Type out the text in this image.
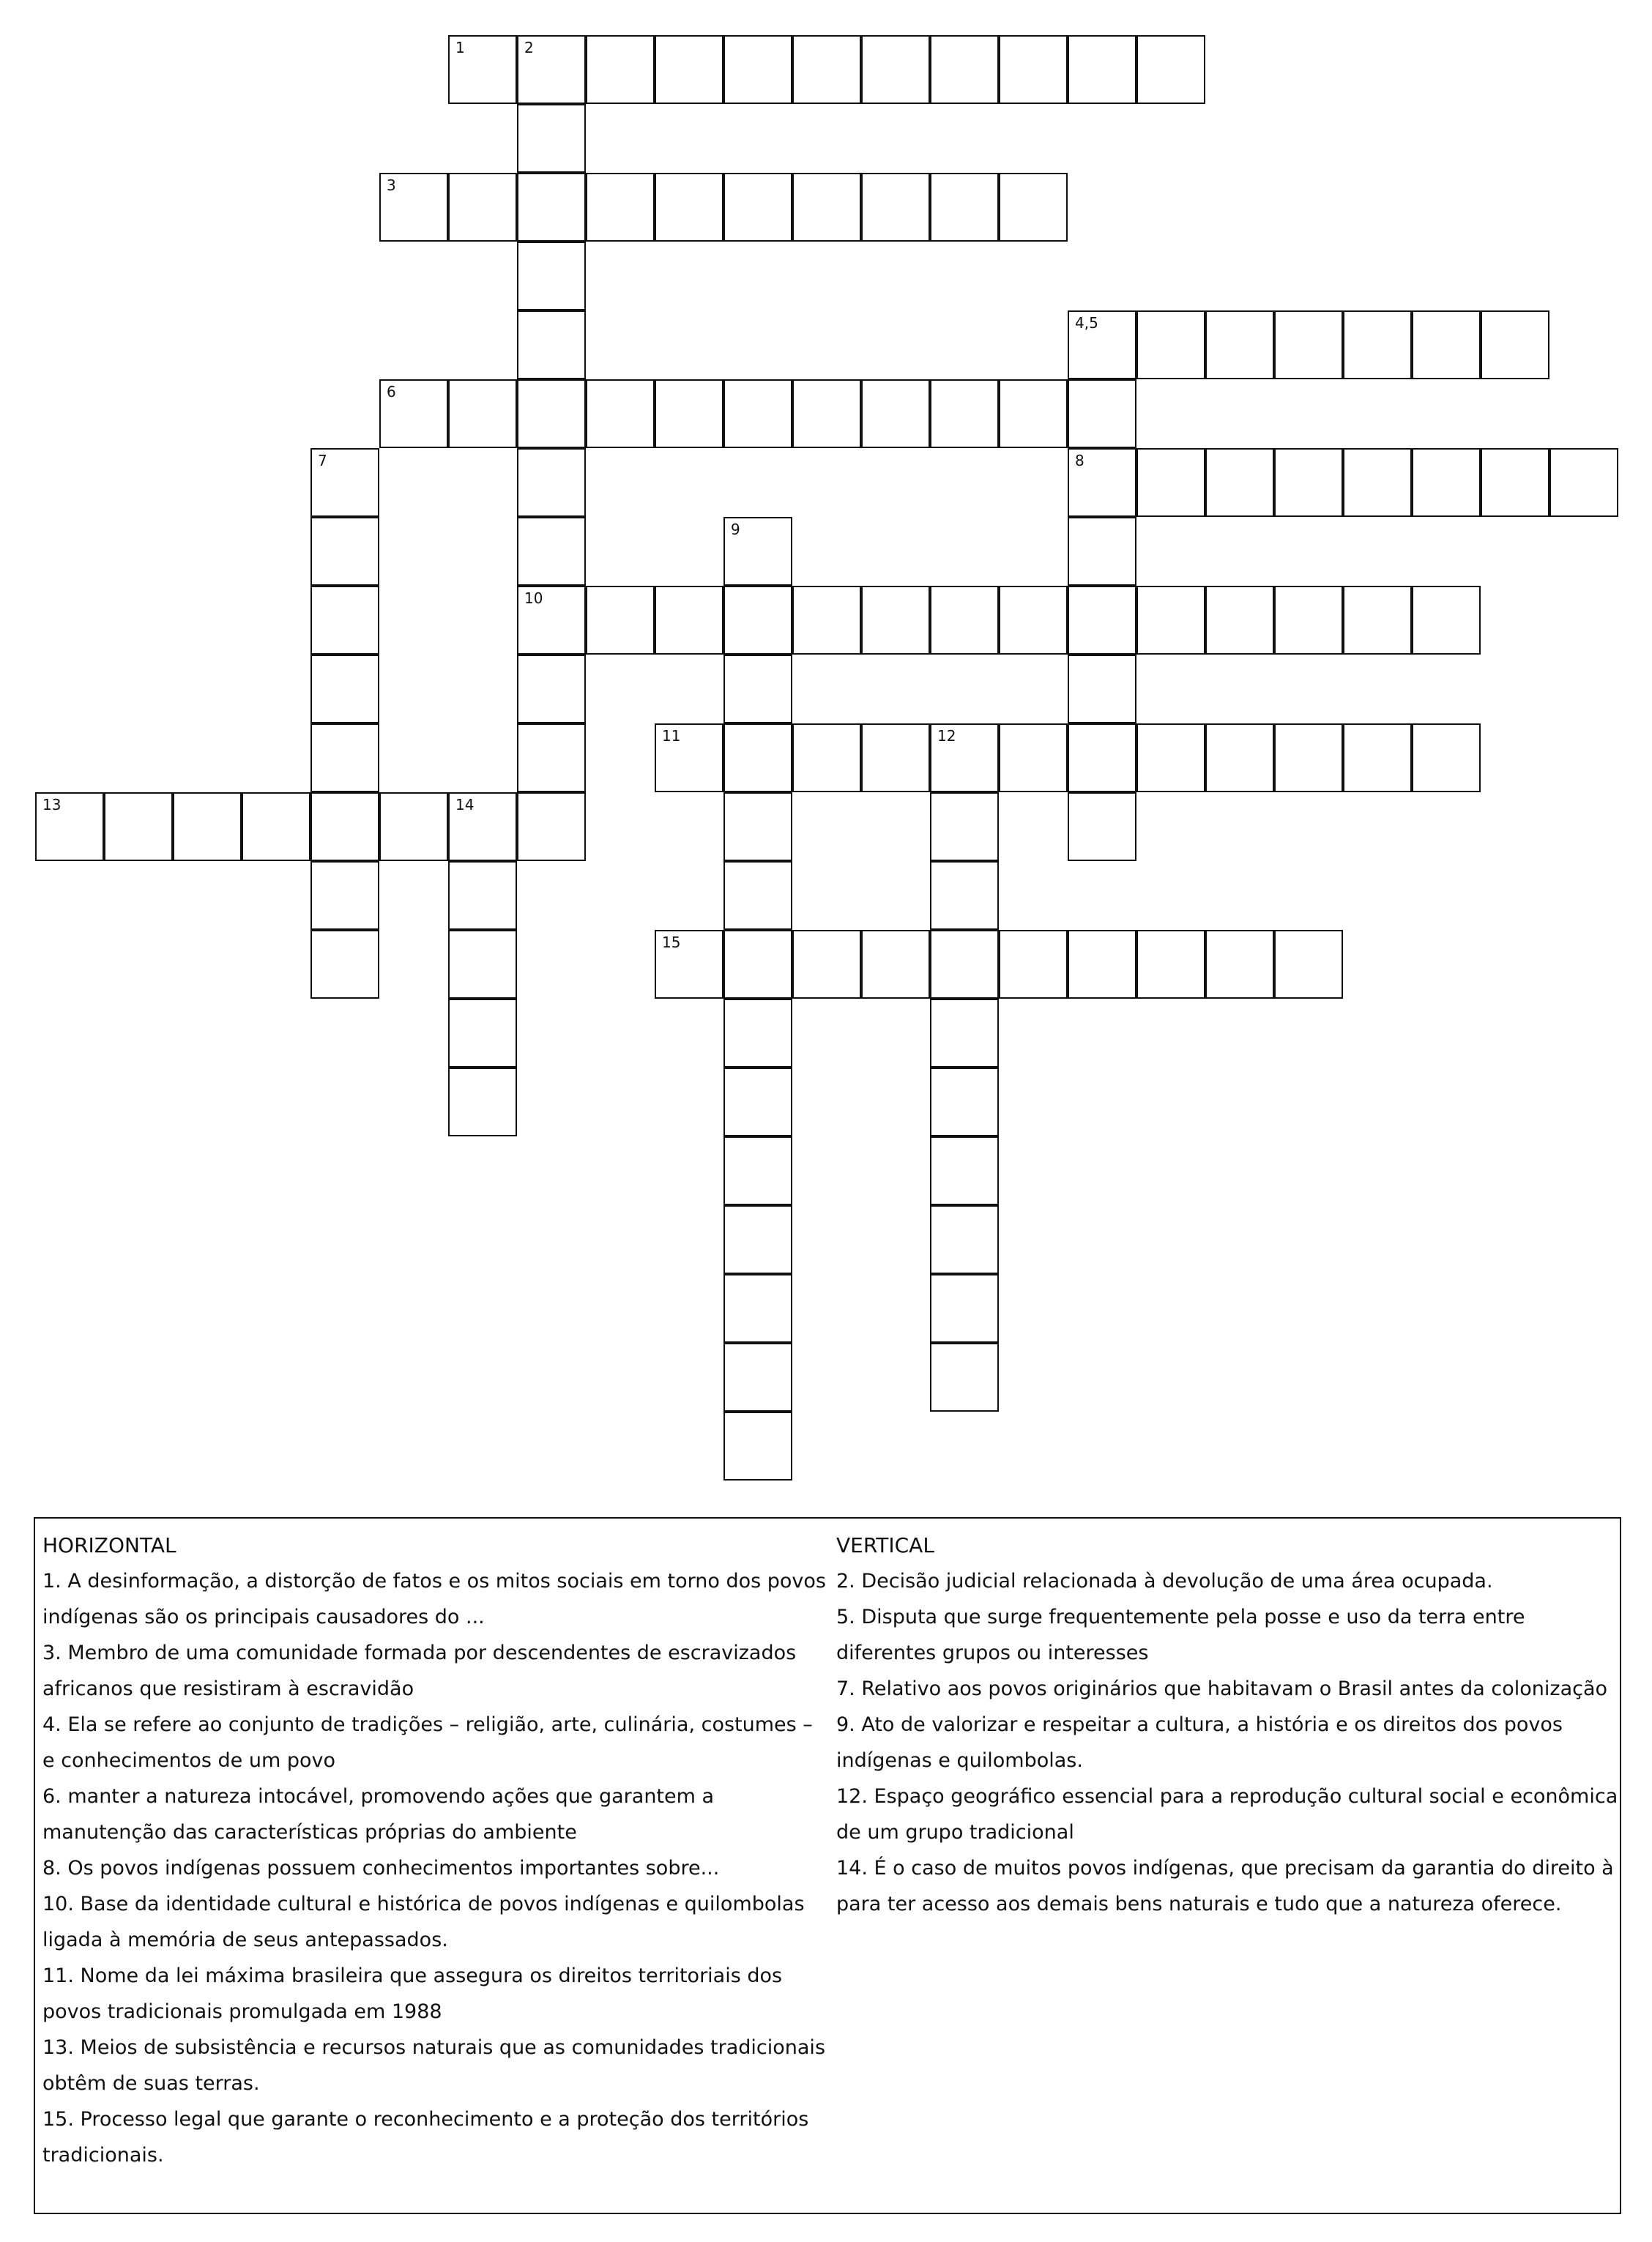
1	2
3
4,5
6
7	8
9
10
11	12
13	14
15
HORIZONTAL
1. A desinformação, a distorção de fatos e os mitos sociais em torno dos povos
indígenas são os principais causadores do ...
3. Membro de uma comunidade formada por descendentes de escravizados
africanos que resistiram à escravidão
4. Ela se refere ao conjunto de tradições – religião, arte, culinária, costumes –
e conhecimentos de um povo
6. manter a natureza intocável, promovendo ações que garantem a
manutenção das características próprias do ambiente
8. Os povos indígenas possuem conhecimentos importantes sobre...
10. Base da identidade cultural e histórica de povos indígenas e quilombolas
ligada à memória de seus antepassados.
11. Nome da lei máxima brasileira que assegura os direitos territoriais dos
povos tradicionais promulgada em 1988
13. Meios de subsistência e recursos naturais que as comunidades tradicionais
obtêm de suas terras.
15. Processo legal que garante o reconhecimento e a proteção dos territórios
tradicionais.
VERTICAL
2. Decisão judicial relacionada à devolução de uma área ocupada.
5. Disputa que surge frequentemente pela posse e uso da terra entre
diferentes grupos ou interesses
7. Relativo aos povos originários que habitavam o Brasil antes da colonização
9. Ato de valorizar e respeitar a cultura, a história e os direitos dos povos
indígenas e quilombolas.
12. Espaço geográfico essencial para a reprodução cultural social e econômica
de um grupo tradicional
14. É o caso de muitos povos indígenas, que precisam da garantia do direito à
para ter acesso aos demais bens naturais e tudo que a natureza oferece.
